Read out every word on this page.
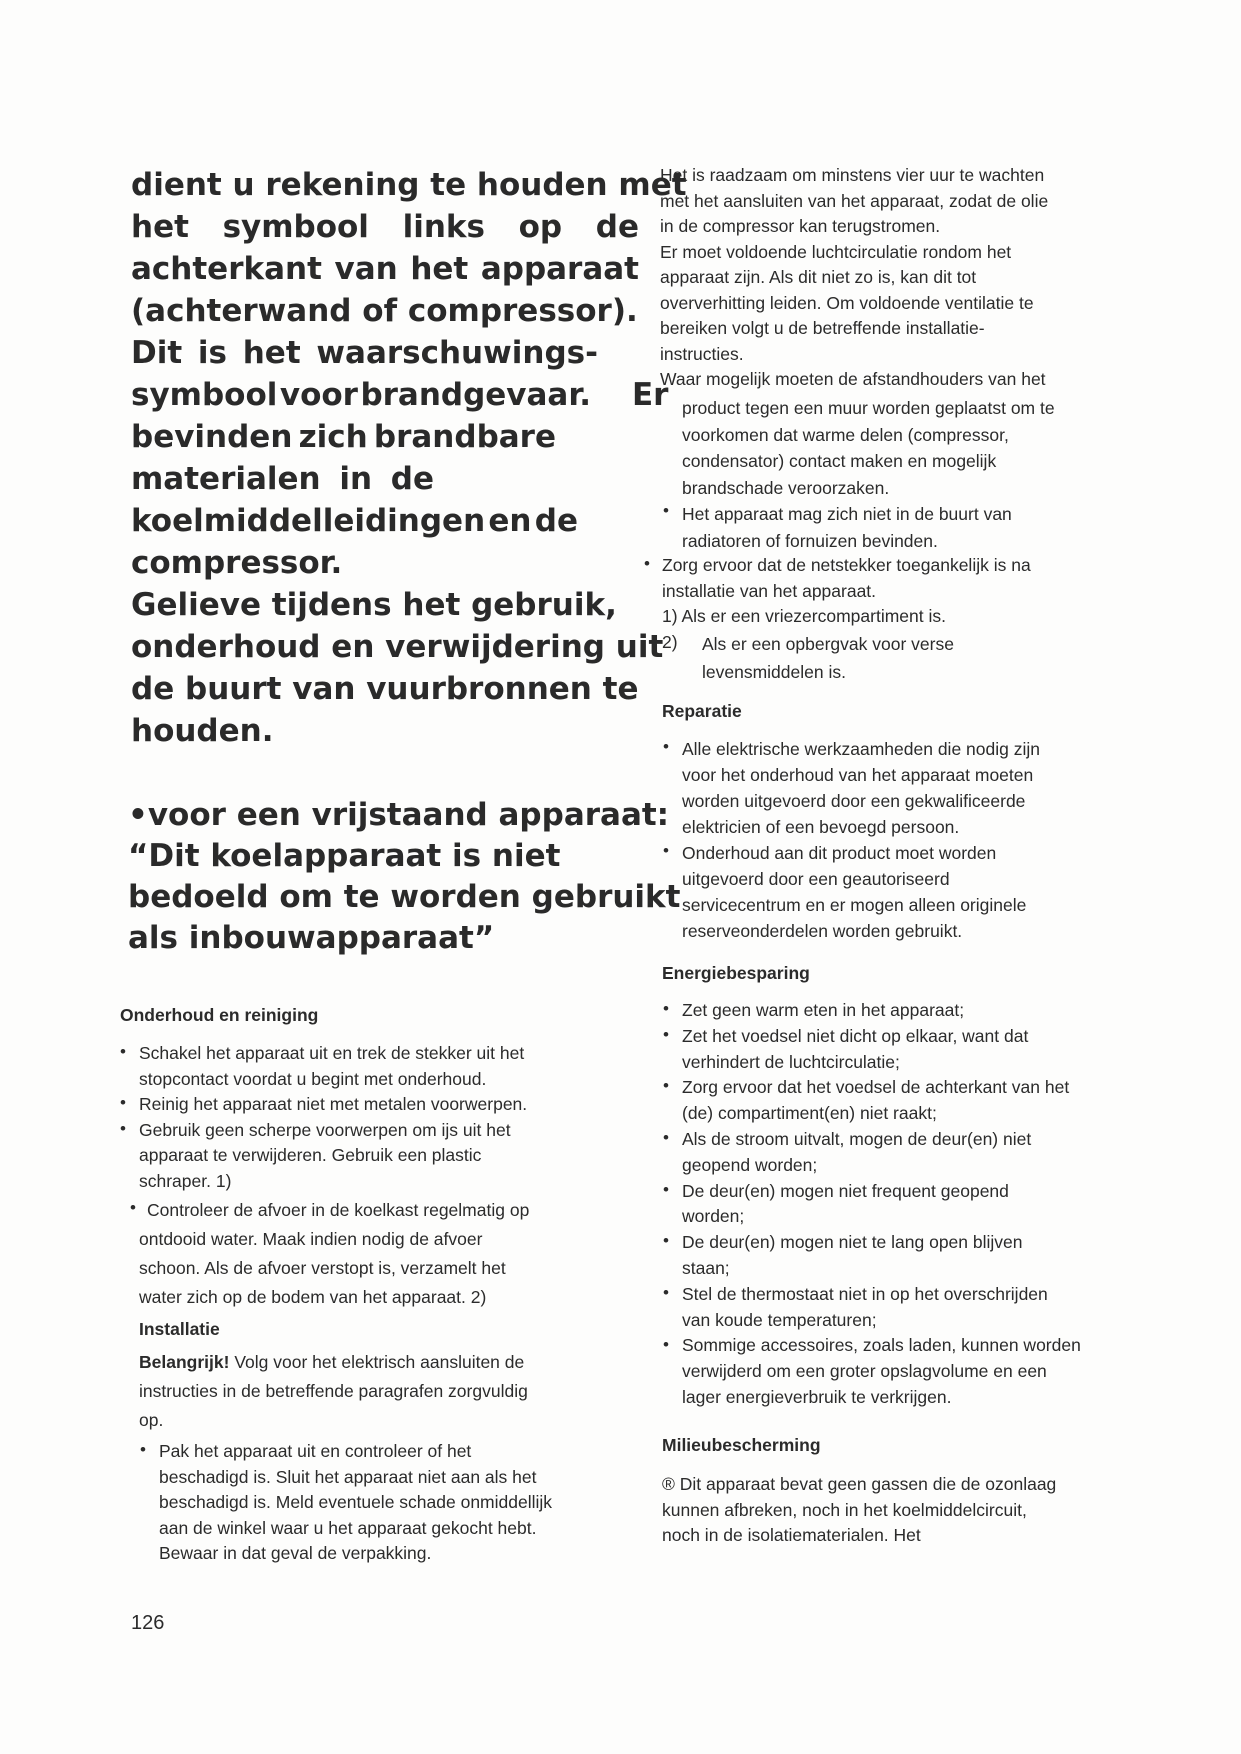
dient u rekening te houden met
het symbool links op de
achterkant van het apparaat
(achterwand of compressor).
Dit is het waarschuwings-
symbool voor brandgevaar.
bevinden zich brandbare
materialen in de
koelmiddelleidingen en de
compressor.
Gelieve tijdens het gebruik,
onderhoud en verwijdering uit
de buurt van vuurbronnen te
houden.
Er
•voor een vrijstaand apparaat:
“Dit koelapparaat is niet
bedoeld om te worden gebruikt
als inbouwapparaat”
Onderhoud en reiniging
Schakel het apparaat uit en trek de stekker uit het
stopcontact voordat u begint met onderhoud.
Reinig het apparaat niet met metalen voorwerpen.
Gebruik geen scherpe voorwerpen om ijs uit het
apparaat te verwijderen. Gebruik een plastic
schraper. 1)
•
•
•
Controleer de afvoer in de koelkast regelmatig op
ontdooid water. Maak indien nodig de afvoer
schoon. Als de afvoer verstopt is, verzamelt het
water zich op de bodem van het apparaat. 2)
•
Installatie
Belangrijk! Volg voor het elektrisch aansluiten de
instructies in de betreffende paragrafen zorgvuldig
op.
Pak het apparaat uit en controleer of het
beschadigd is. Sluit het apparaat niet aan als het
beschadigd is. Meld eventuele schade onmiddellijk
aan de winkel waar u het apparaat gekocht hebt.
Bewaar in dat geval de verpakking.
•
126
Het is raadzaam om minstens vier uur te wachten
met het aansluiten van het apparaat, zodat de olie
in de compressor kan terugstromen.
Er moet voldoende luchtcirculatie rondom het
apparaat zijn. Als dit niet zo is, kan dit tot
oververhitting leiden. Om voldoende ventilatie te
bereiken volgt u de betreffende installatie-
instructies.
Waar mogelijk moeten de afstandhouders van het
product tegen een muur worden geplaatst om te
voorkomen dat warme delen (compressor,
condensator) contact maken en mogelijk
brandschade veroorzaken.
Het apparaat mag zich niet in de buurt van
radiatoren of fornuizen bevinden.
•
Zorg ervoor dat de netstekker toegankelijk is na
installatie van het apparaat.
1) Als er een vriezercompartiment is.
•
2) Als er een opbergvak voor verse
levensmiddelen is.
Reparatie
Alle elektrische werkzaamheden die nodig zijn
voor het onderhoud van het apparaat moeten
worden uitgevoerd door een gekwalificeerde
elektricien of een bevoegd persoon.
Onderhoud aan dit product moet worden
uitgevoerd door een geautoriseerd
servicecentrum en er mogen alleen originele
reserveonderdelen worden gebruikt.
•
•
Energiebesparing
Zet geen warm eten in het apparaat;
Zet het voedsel niet dicht op elkaar, want dat
verhindert de luchtcirculatie;
Zorg ervoor dat het voedsel de achterkant van het
(de) compartiment(en) niet raakt;
Als de stroom uitvalt, mogen de deur(en) niet
geopend worden;
De deur(en) mogen niet frequent geopend
worden;
De deur(en) mogen niet te lang open blijven
staan;
Stel de thermostaat niet in op het overschrijden
van koude temperaturen;
Sommige accessoires, zoals laden, kunnen worden
verwijderd om een groter opslagvolume en een
lager energieverbruik te verkrijgen.
•
•
•
•
•
•
•
•
Milieubescherming
® Dit apparaat bevat geen gassen die de ozonlaag
kunnen afbreken, noch in het koelmiddelcircuit,
noch in de isolatiematerialen. Het
